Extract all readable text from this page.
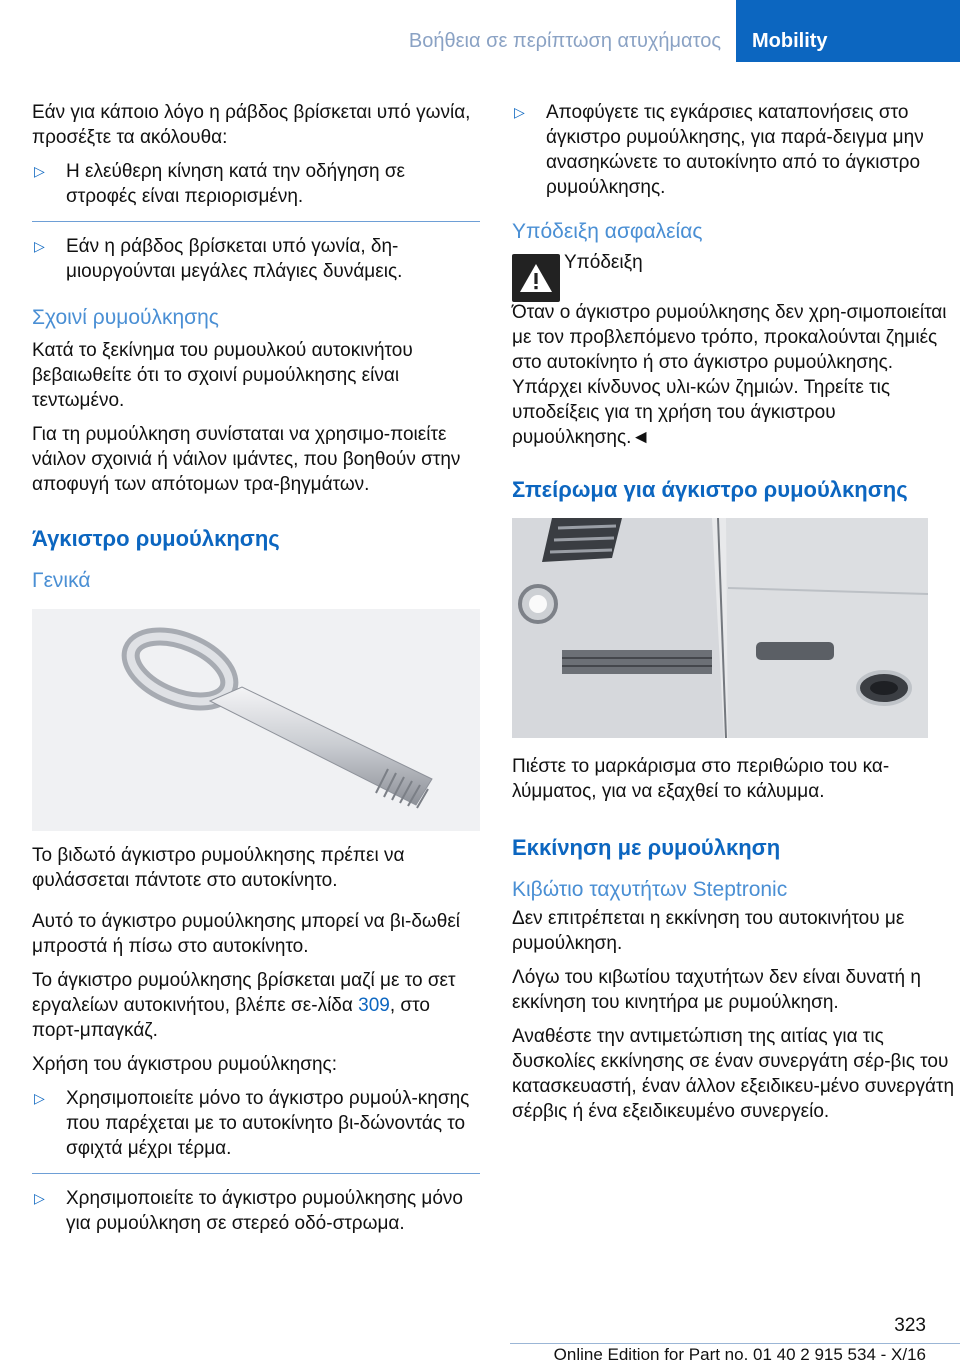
Βοήθεια σε περίπτωση ατυχήματος	Mobility

Εάν για κάποιο λόγο η ράβδος βρίσκεται υπό γωνία, προσέξτε τα ακόλουθα:

▷	Η ελεύθερη κίνηση κατά την οδήγηση σε στροφές είναι περιορισμένη.

▷	Εάν η ράβδος βρίσκεται υπό γωνία, δη-μιουργούνται μεγάλες πλάγιες δυνάμεις.

Σχοινί ρυμούλκησης

Κατά το ξεκίνημα του ρυμουλκού αυτοκινήτου βεβαιωθείτε ότι το σχοινί ρυμούλκησης είναι τεντωμένο.

Για τη ρυμούλκηση συνίσταται να χρησιμο-ποιείτε νάιλον σχοινιά ή νάιλον ιμάντες, που βοηθούν στην αποφυγή των απότομων τρα-βηγμάτων.

Άγκιστρο ρυμούλκησης
Γενικά

Το βιδωτό άγκιστρο ρυμούλκησης πρέπει να φυλάσσεται πάντοτε στο αυτοκίνητο.

Αυτό το άγκιστρο ρυμούλκησης μπορεί να βι-δωθεί μπροστά ή πίσω στο αυτοκίνητο.

Το άγκιστρο ρυμούλκησης βρίσκεται μαζί με το σετ εργαλείων αυτοκινήτου, βλέπε σε-λίδα 309, στο πορτ-μπαγκάζ.

Χρήση του άγκιστρου ρυμούλκησης:

▷	Χρησιμοποιείτε μόνο το άγκιστρο ρυμούλ-κησης που παρέχεται με το αυτοκίνητο βι-δώνοντάς το σφιχτά μέχρι τέρμα.

▷	Χρησιμοποιείτε το άγκιστρο ρυμούλκησης μόνο για ρυμούλκηση σε στερεό οδό-στρωμα.

▷	Αποφύγετε τις εγκάρσιες καταπονήσεις στο άγκιστρο ρυμούλκησης, για παρά-δειγμα μην ανασηκώνετε το αυτοκίνητο από το άγκιστρο ρυμούλκησης.

Υπόδειξη ασφαλείας

Υπόδειξη

Όταν ο άγκιστρο ρυμούλκησης δεν χρη-σιμοποιείται με τον προβλεπόμενο τρόπο, προκαλούνται ζημιές στο αυτοκίνητο ή στο άγκιστρο ρυμούλκησης. Υπάρχει κίνδυνος υλι-κών ζημιών. Τηρείτε τις υποδείξεις για τη χρήση του άγκιστρου ρυμούλκησης.◄

Σπείρωμα για άγκιστρο ρυμούλκησης

Πιέστε το μαρκάρισμα στο περιθώριο του κα-λύμματος, για να εξαχθεί το κάλυμμα.

Εκκίνηση με ρυμούλκηση
Κιβώτιο ταχυτήτων Steptronic

Δεν επιτρέπεται η εκκίνηση του αυτοκινήτου με ρυμούλκηση.

Λόγω του κιβωτίου ταχυτήτων δεν είναι δυνατή η εκκίνηση του κινητήρα με ρυμούλκηση.

Αναθέστε την αντιμετώπιση της αιτίας για τις δυσκολίες εκκίνησης σε έναν συνεργάτη σέρ-βις του κατασκευαστή, έναν άλλον εξειδικευ-μένο συνεργάτη σέρβις ή ένα εξειδικευμένο συνεργείο.

323
Online Edition for Part no. 01 40 2 915 534 - X/16
